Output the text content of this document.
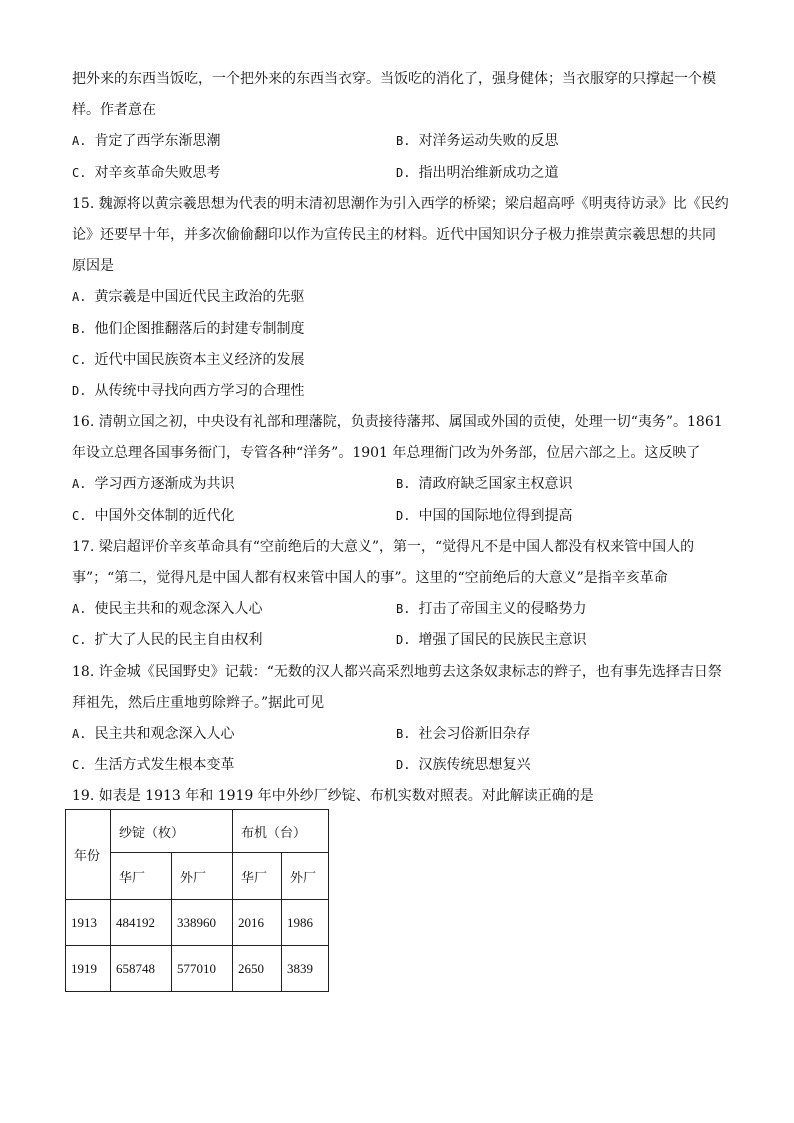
把外来的东西当饭吃，一个把外来的东西当衣穿。当饭吃的消化了，强身健体；当衣服穿的只撑起一个模
样。作者意在
A. 肯定了西学东渐思潮	B. 对洋务运动失败的反思
C. 对辛亥革命失败思考	D. 指出明治维新成功之道
15. 魏源将以黄宗羲思想为代表的明末清初思潮作为引入西学的桥梁；梁启超高呼《明夷待访录》比《民约
论》还要早十年，并多次偷偷翻印以作为宣传民主的材料。近代中国知识分子极力推崇黄宗羲思想的共同
原因是
A. 黄宗羲是中国近代民主政治的先驱
B. 他们企图推翻落后的封建专制制度
C. 近代中国民族资本主义经济的发展
D. 从传统中寻找向西方学习的合理性
16. 清朝立国之初，中央设有礼部和理藩院，负责接待藩邦、属国或外国的贡使，处理一切“夷务”。1861
年设立总理各国事务衙门，专管各种“洋务”。1901 年总理衙门改为外务部，位居六部之上。这反映了
A. 学习西方逐渐成为共识	B. 清政府缺乏国家主权意识
C. 中国外交体制的近代化	D. 中国的国际地位得到提高
17. 梁启超评价辛亥革命具有“空前绝后的大意义”，第一，“觉得凡不是中国人都没有权来管中国人的
事”；“第二，觉得凡是中国人都有权来管中国人的事”。这里的“空前绝后的大意义”是指辛亥革命
A. 使民主共和的观念深入人心	B. 打击了帝国主义的侵略势力
C. 扩大了人民的民主自由权利	D. 增强了国民的民族民主意识
18. 许金城《民国野史》记载：“无数的汉人都兴高采烈地剪去这条奴隶标志的辫子，也有事先选择吉日祭
拜祖先，然后庄重地剪除辫子。”据此可见
A. 民主共和观念深入人心	B. 社会习俗新旧杂存
C. 生活方式发生根本变革	D. 汉族传统思想复兴
19. 如表是 1913 年和 1919 年中外纱厂纱锭、布机实数对照表。对此解读正确的是
年份	纱锭（枚）		布机（台）	
	华厂	外厂	华厂	外厂
1913	484192	338960	2016	1986
1919	658748	577010	2650	3839
